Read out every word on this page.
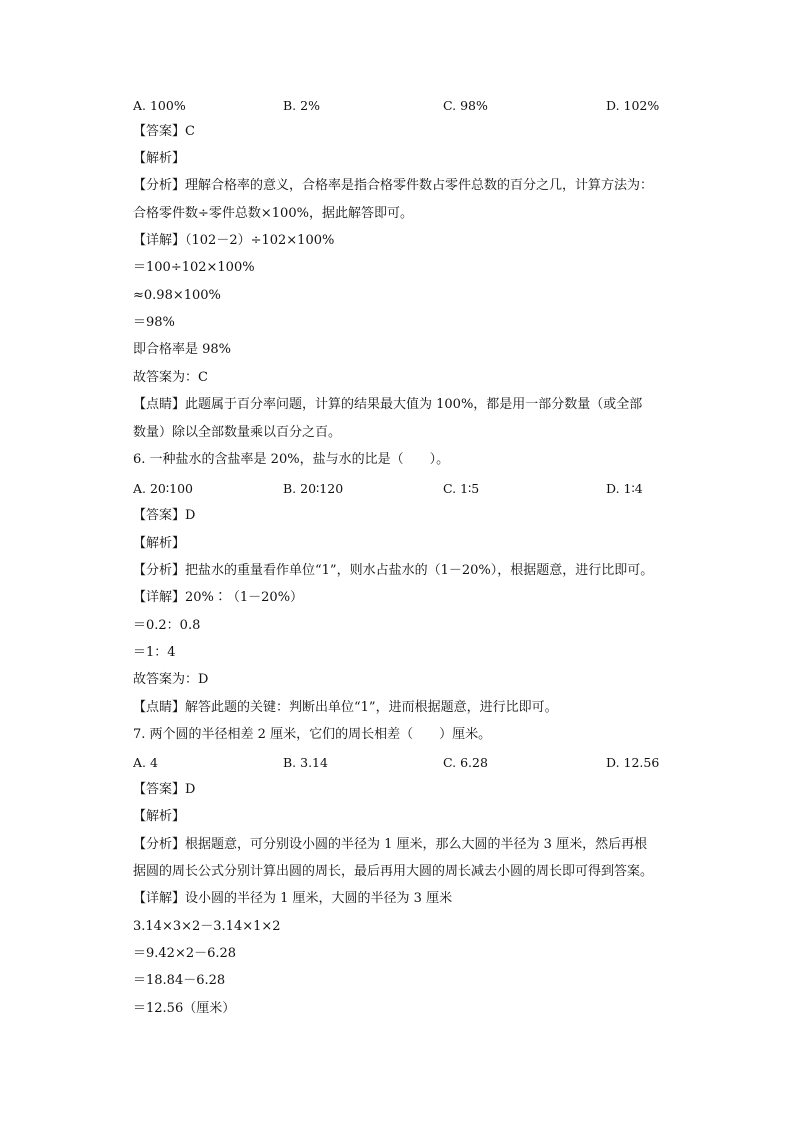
A. 100%	B. 2%	C. 98%	D. 102%
【答案】C
【解析】
【分析】理解合格率的意义，合格率是指合格零件数占零件总数的百分之几，计算方法为：
合格零件数÷零件总数×100%，据此解答即可。
【详解】（102－2）÷102×100%
＝100÷102×100%
≈0.98×100%
＝98%
即合格率是 98%
故答案为：C
【点睛】此题属于百分率问题，计算的结果最大值为 100%，都是用一部分数量（或全部
数量）除以全部数量乘以百分之百。
6. 一种盐水的含盐率是 20%，盐与水的比是（　　）。
A. 20∶100	B. 20∶120	C. 1∶5	D. 1∶4
【答案】D
【解析】
【分析】把盐水的重量看作单位“1”，则水占盐水的（1－20%），根据题意，进行比即可。
【详解】20%∶（1－20%）
＝0.2：0.8
＝1：4
故答案为：D
【点睛】解答此题的关键：判断出单位“1”，进而根据题意，进行比即可。
7. 两个圆的半径相差 2 厘米，它们的周长相差（　　）厘米。
A. 4	B. 3.14	C. 6.28	D. 12.56
【答案】D
【解析】
【分析】根据题意，可分别设小圆的半径为 1 厘米，那么大圆的半径为 3 厘米，然后再根
据圆的周长公式分别计算出圆的周长，最后再用大圆的周长减去小圆的周长即可得到答案。
【详解】设小圆的半径为 1 厘米，大圆的半径为 3 厘米
3.14×3×2－3.14×1×2
＝9.42×2－6.28
＝18.84－6.28
＝12.56（厘米）
